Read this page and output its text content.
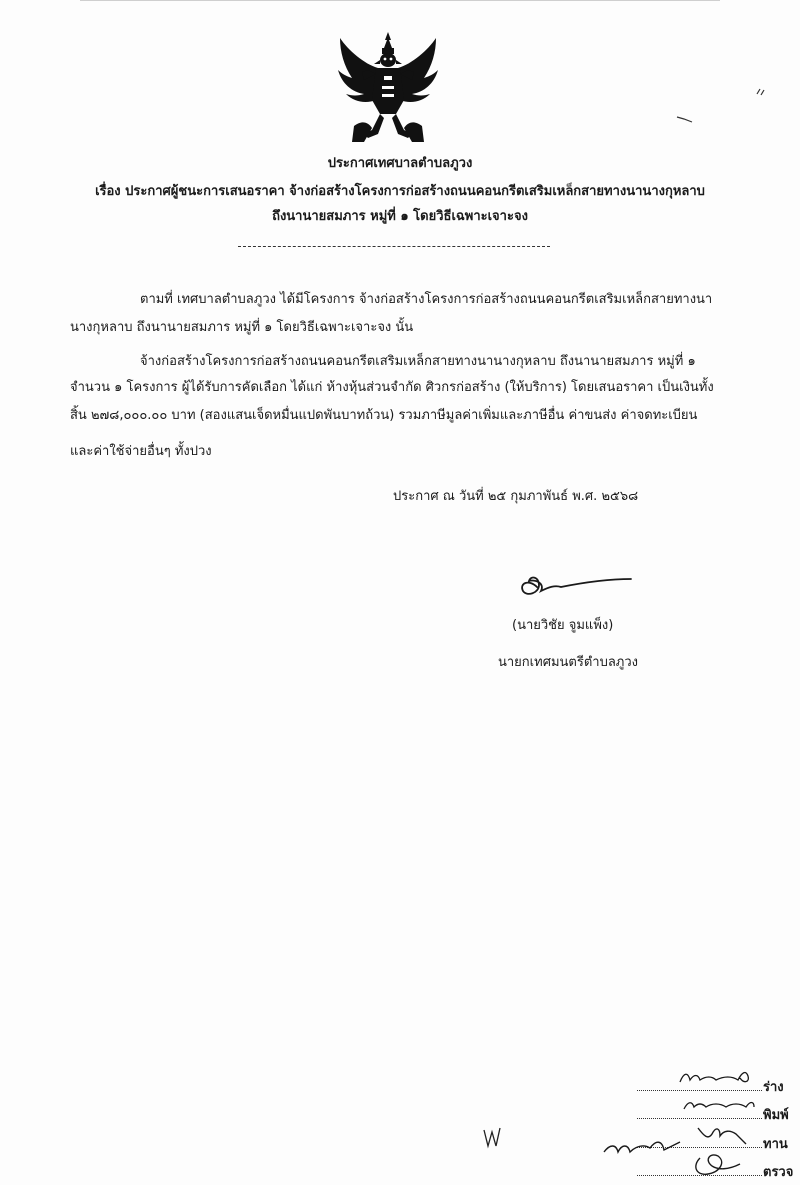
ประกาศเทศบาลตำบลภูวง
เรื่อง ประกาศผู้ชนะการเสนอราคา จ้างก่อสร้างโครงการก่อสร้างถนนคอนกรีตเสริมเหล็กสายทางนานางกุหลาบ
ถึงนานายสมภาร หมู่ที่ ๑ โดยวิธีเฉพาะเจาะจง
ตามที่ เทศบาลตำบลภูวง ได้มีโครงการ จ้างก่อสร้างโครงการก่อสร้างถนนคอนกรีตเสริมเหล็กสายทางนา
นางกุหลาบ ถึงนานายสมภาร หมู่ที่ ๑ โดยวิธีเฉพาะเจาะจง นั้น
จ้างก่อสร้างโครงการก่อสร้างถนนคอนกรีตเสริมเหล็กสายทางนานางกุหลาบ ถึงนานายสมภาร หมู่ที่ ๑
จำนวน ๑ โครงการ ผู้ได้รับการคัดเลือก ได้แก่ ห้างหุ้นส่วนจำกัด ศิวกรก่อสร้าง (ให้บริการ) โดยเสนอราคา เป็นเงินทั้ง
สิ้น ๒๗๘,๐๐๐.๐๐ บาท (สองแสนเจ็ดหมื่นแปดพันบาทถ้วน) รวมภาษีมูลค่าเพิ่มและภาษีอื่น ค่าขนส่ง ค่าจดทะเบียน
และค่าใช้จ่ายอื่นๆ ทั้งปวง
ประกาศ ณ วันที่ ๒๕ กุมภาพันธ์ พ.ศ. ๒๕๖๘
(นายวิชัย จูมแพ็ง)
นายกเทศมนตรีตำบลภูวง
ร่าง
พิมพ์
ทาน
ตรวจ
